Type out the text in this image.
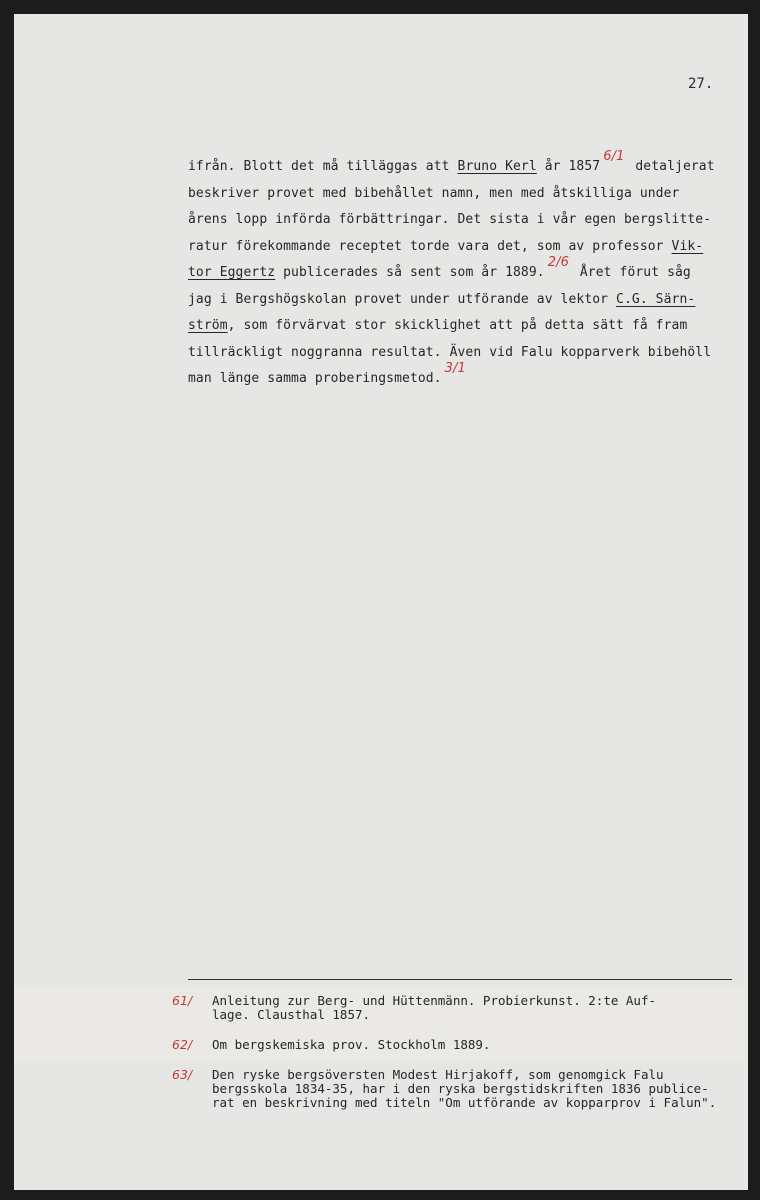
27.
ifrån. Blott det må tilläggas att Bruno Kerl år 18576/1 detaljerat
beskriver provet med bibehållet namn, men med åtskilliga under
årens lopp införda förbättringar. Det sista i vår egen bergslitte-
ratur förekommande receptet torde vara det, som av professor Vik-
tor Eggertz publicerades så sent som år 1889.2/6 Året förut såg
jag i Bergshögskolan provet under utförande av lektor C.G. Särn-
ström, som förvärvat stor skicklighet att på detta sätt få fram
tillräckligt noggranna resultat. Även vid Falu kopparverk bibehöll
man länge samma proberingsmetod.3/1
61/ Anleitung zur Berg- und Hüttenmänn. Probierkunst. 2:te Auf-
lage. Clausthal 1857.
62/ Om bergskemiska prov. Stockholm 1889.
63/ Den ryske bergsöversten Modest Hirjakoff, som genomgick Falu
bergsskola 1834-35, har i den ryska bergstidskriften 1836 publice-
rat en beskrivning med titeln "Om utförande av kopparprov i Falun".
